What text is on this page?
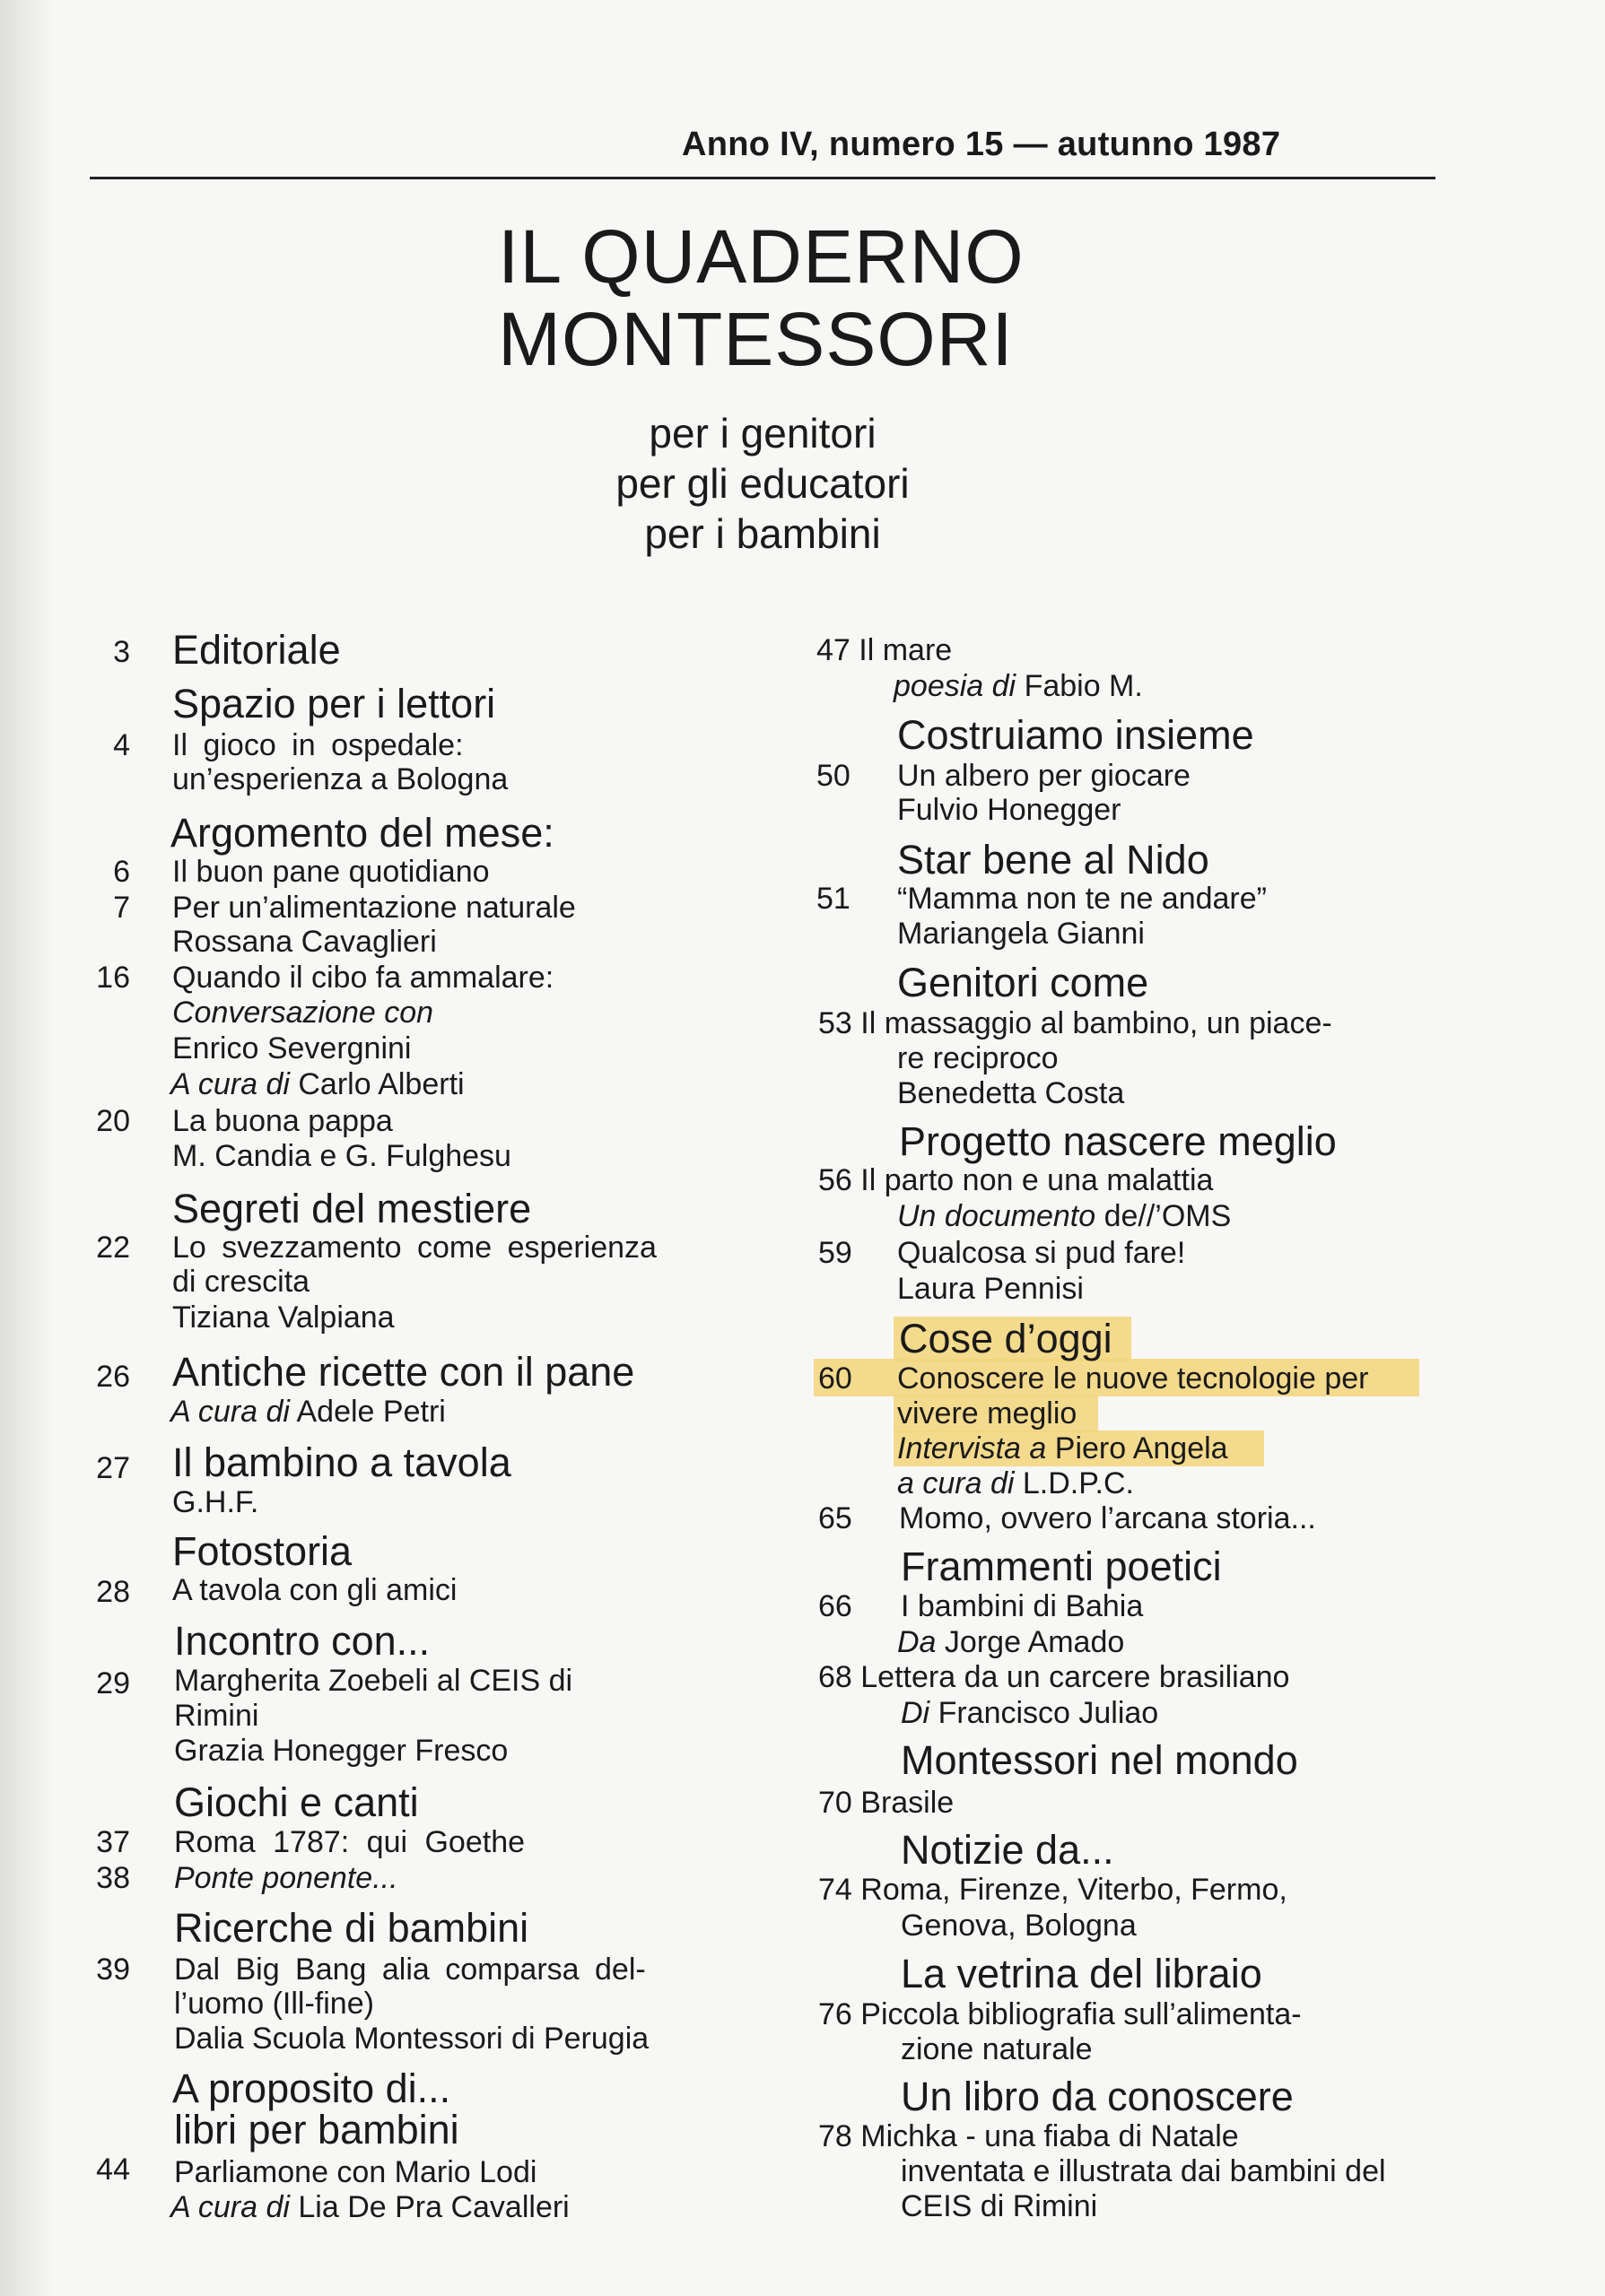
Anno IV, numero 15 — autunno 1987
IL QUADERNO
MONTESSORI
per i genitori
per gli educatori
per i bambini
3 Editoriale
Spazio per i lettori
4 Il gioco in ospedale:
un’esperienza a Bologna
Argomento del mese:
6 Il buon pane quotidiano
7 Per un’alimentazione naturale
Rossana Cavaglieri
16 Quando il cibo fa ammalare:
Conversazione con
Enrico Severgnini
A cura di Carlo Alberti
20 La buona pappa
M. Candia e G. Fulghesu
Segreti del mestiere
22 Lo svezzamento come esperienza
di crescita
Tiziana Valpiana
26 Antiche ricette con il pane
A cura di Adele Petri
27 Il bambino a tavola
G.H.F.
Fotostoria
28 A tavola con gli amici
Incontro con...
29 Margherita Zoebeli al CEIS di
Rimini
Grazia Honegger Fresco
Giochi e canti
37 Roma 1787: qui Goethe
38 Ponte ponente...
Ricerche di bambini
39 Dal Big Bang alia comparsa del-
l’uomo (Ill-fine)
Dalia Scuola Montessori di Perugia
A proposito di...
libri per bambini
44 Parliamone con Mario Lodi
A cura di Lia De Pra Cavalleri
47 Il mare
poesia di Fabio M.
Costruiamo insieme
50 Un albero per giocare
Fulvio Honegger
Star bene al Nido
51 “Mamma non te ne andare”
Mariangela Gianni
Genitori come
53 Il massaggio al bambino, un piace-
re reciproco
Benedetta Costa
Progetto nascere meglio
56 Il parto non e una malattia
Un documento de//’OMS
59 Qualcosa si pud fare!
Laura Pennisi
Cose d’oggi
60 Conoscere le nuove tecnologie per
vivere meglio
Intervista a Piero Angela
a cura di L.D.P.C.
65 Momo, ovvero l’arcana storia...
Frammenti poetici
66 I bambini di Bahia
Da Jorge Amado
68 Lettera da un carcere brasiliano
Di Francisco Juliao
Montessori nel mondo
70 Brasile
Notizie da...
74 Roma, Firenze, Viterbo, Fermo,
Genova, Bologna
La vetrina del libraio
76 Piccola bibliografia sull’alimenta-
zione naturale
Un libro da conoscere
78 Michka - una fiaba di Natale
inventata e illustrata dai bambini del
CEIS di Rimini
